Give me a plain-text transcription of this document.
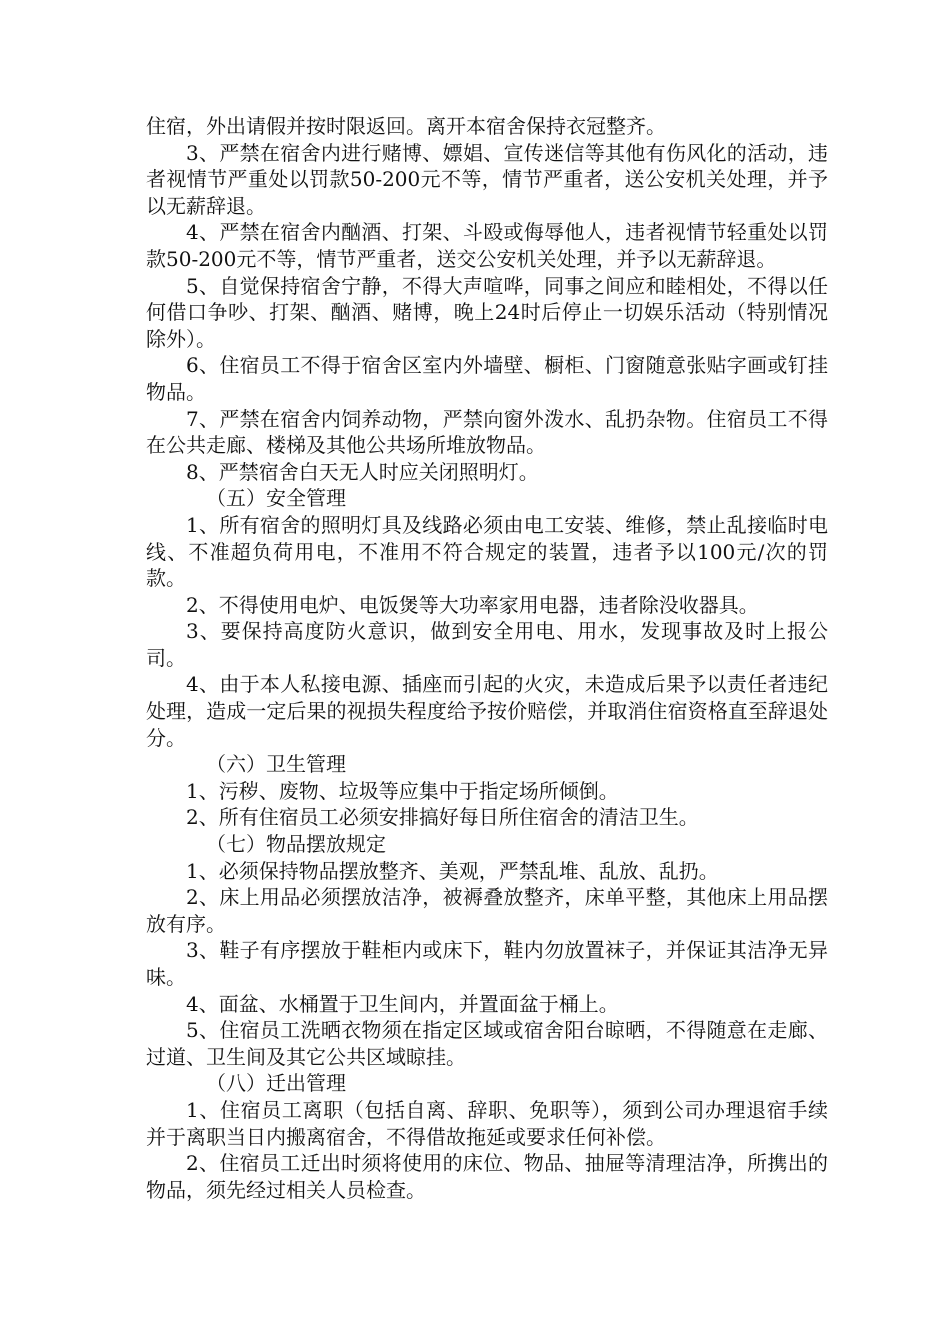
住宿，外出请假并按时限返回。离开本宿舍保持衣冠整齐。

3、严禁在宿舍内进行赌博、嫖娼、宣传迷信等其他有伤风化的活动，违者视情节严重处以罚款50-200元不等，情节严重者，送公安机关处理，并予以无薪辞退。

4、严禁在宿舍内酗酒、打架、斗殴或侮辱他人，违者视情节轻重处以罚款50-200元不等，情节严重者，送交公安机关处理，并予以无薪辞退。

5、自觉保持宿舍宁静，不得大声喧哗，同事之间应和睦相处，不得以任何借口争吵、打架、酗酒、赌博，晚上24时后停止一切娱乐活动（特别情况除外）。

6、住宿员工不得于宿舍区室内外墙壁、橱柜、门窗随意张贴字画或钉挂物品。

7、严禁在宿舍内饲养动物，严禁向窗外泼水、乱扔杂物。住宿员工不得在公共走廊、楼梯及其他公共场所堆放物品。

8、严禁宿舍白天无人时应关闭照明灯。

（五）安全管理

1、所有宿舍的照明灯具及线路必须由电工安装、维修，禁止乱接临时电线、不准超负荷用电，不准用不符合规定的装置，违者予以100元/次的罚款。

2、不得使用电炉、电饭煲等大功率家用电器，违者除没收器具。

3、要保持高度防火意识，做到安全用电、用水，发现事故及时上报公司。

4、由于本人私接电源、插座而引起的火灾，未造成后果予以责任者违纪处理，造成一定后果的视损失程度给予按价赔偿，并取消住宿资格直至辞退处分。

（六）卫生管理

1、污秽、废物、垃圾等应集中于指定场所倾倒。

2、所有住宿员工必须安排搞好每日所住宿舍的清洁卫生。

（七）物品摆放规定

1、必须保持物品摆放整齐、美观，严禁乱堆、乱放、乱扔。

2、床上用品必须摆放洁净，被褥叠放整齐，床单平整，其他床上用品摆放有序。

3、鞋子有序摆放于鞋柜内或床下，鞋内勿放置袜子，并保证其洁净无异味。

4、面盆、水桶置于卫生间内，并置面盆于桶上。

5、住宿员工洗晒衣物须在指定区域或宿舍阳台晾晒，不得随意在走廊、过道、卫生间及其它公共区域晾挂。

（八）迁出管理

1、住宿员工离职（包括自离、辞职、免职等），须到公司办理退宿手续并于离职当日内搬离宿舍，不得借故拖延或要求任何补偿。

2、住宿员工迁出时须将使用的床位、物品、抽屉等清理洁净，所携出的物品，须先经过相关人员检查。
